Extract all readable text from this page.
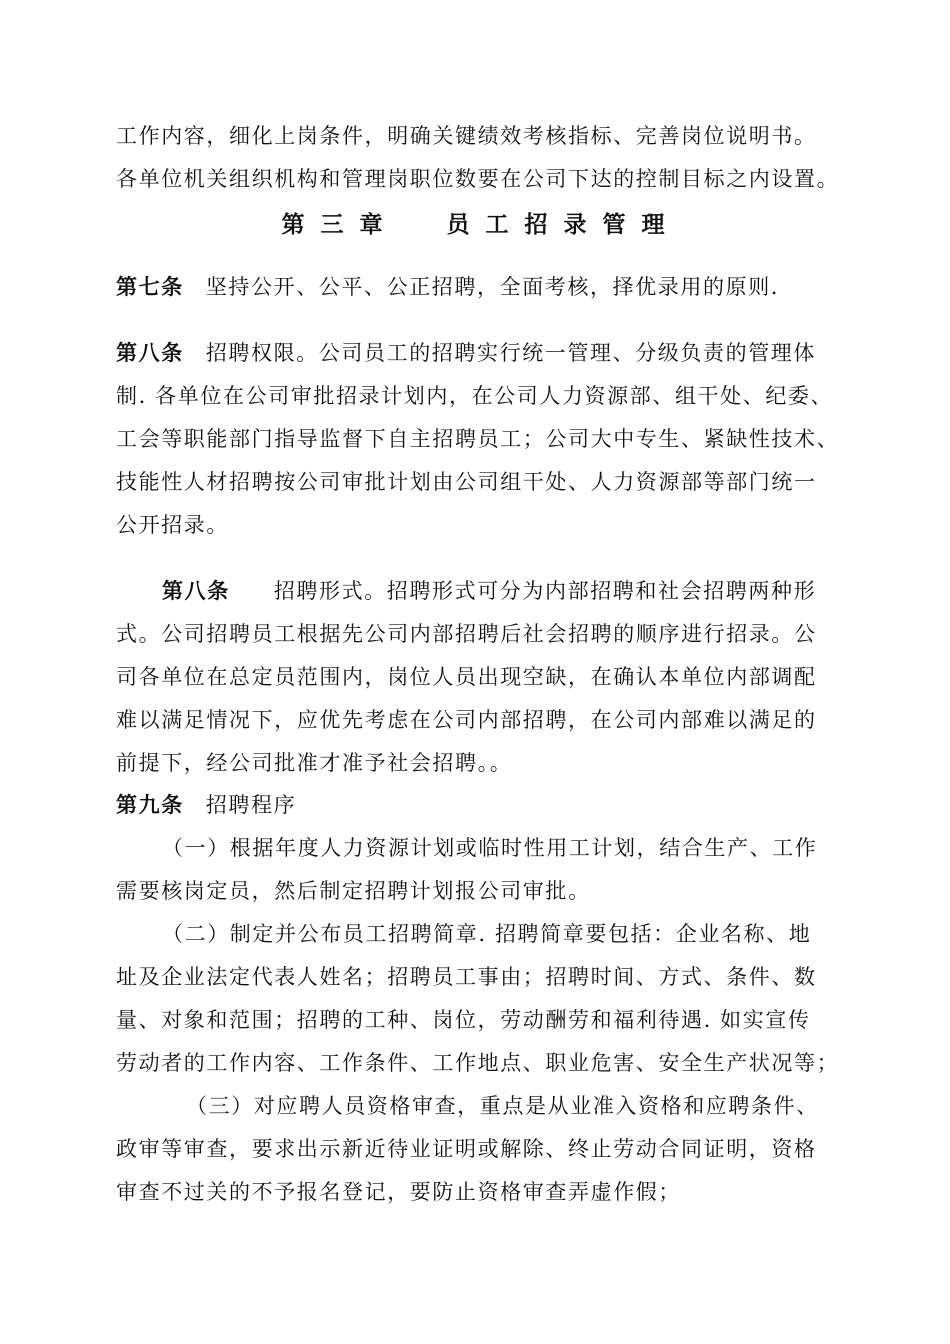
工作内容，细化上岗条件，明确关键绩效考核指标、完善岗位说明书。
各单位机关组织机构和管理岗职位数要在公司下达的控制目标之内设置。
第 三 章	员 工 招 录 管 理
第七条 坚持公开、公平、公正招聘，全面考核，择优录用的原则.
第八条 招聘权限。公司员工的招聘实行统一管理、分级负责的管理体
制. 各单位在公司审批招录计划内，在公司人力资源部、组干处、纪委、
工会等职能部门指导监督下自主招聘员工；公司大中专生、紧缺性技术、
技能性人材招聘按公司审批计划由公司组干处、人力资源部等部门统一
公开招录。
第八条 招聘形式。招聘形式可分为内部招聘和社会招聘两种形
式。公司招聘员工根据先公司内部招聘后社会招聘的顺序进行招录。公
司各单位在总定员范围内，岗位人员出现空缺，在确认本单位内部调配
难以满足情况下，应优先考虑在公司内部招聘，在公司内部难以满足的
前提下，经公司批准才准予社会招聘。。
第九条 招聘程序
（一）根据年度人力资源计划或临时性用工计划，结合生产、工作
需要核岗定员，然后制定招聘计划报公司审批。
（二）制定并公布员工招聘简章. 招聘简章要包括：企业名称、地
址及企业法定代表人姓名；招聘员工事由；招聘时间、方式、条件、数
量、对象和范围；招聘的工种、岗位，劳动酬劳和福利待遇. 如实宣传
劳动者的工作内容、工作条件、工作地点、职业危害、安全生产状况等；
（三）对应聘人员资格审查，重点是从业准入资格和应聘条件、
政审等审查，要求出示新近待业证明或解除、终止劳动合同证明，资格
审查不过关的不予报名登记，要防止资格审查弄虚作假；
